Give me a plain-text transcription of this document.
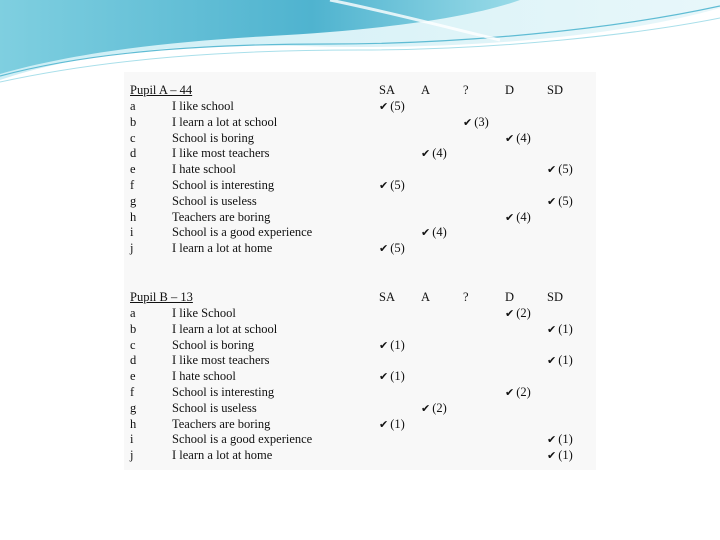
Pupil A – 44		SA	A	?	D	SD
a	I like school	✔ (5)				
b	I learn a lot at school			✔ (3)		
c	School is boring				✔ (4)	
d	I like most teachers		✔ (4)			
e	I hate school					✔ (5)
f	School is interesting	✔ (5)				
g	School is useless					✔ (5)
h	Teachers are boring				✔ (4)	
i	School is a good experience		✔ (4)			
j	I learn a lot at home	✔ (5)				
Pupil B – 13		SA	A	?	D	SD
a	I like School				✔ (2)	
b	I learn a lot at school					✔ (1)
c	School is boring	✔ (1)				
d	I like most teachers					✔ (1)
e	I hate school	✔ (1)				
f	School is interesting				✔ (2)	
g	School is useless		✔ (2)			
h	Teachers are boring	✔ (1)				
i	School is a good experience					✔ (1)
j	I learn a lot at home					✔ (1)
